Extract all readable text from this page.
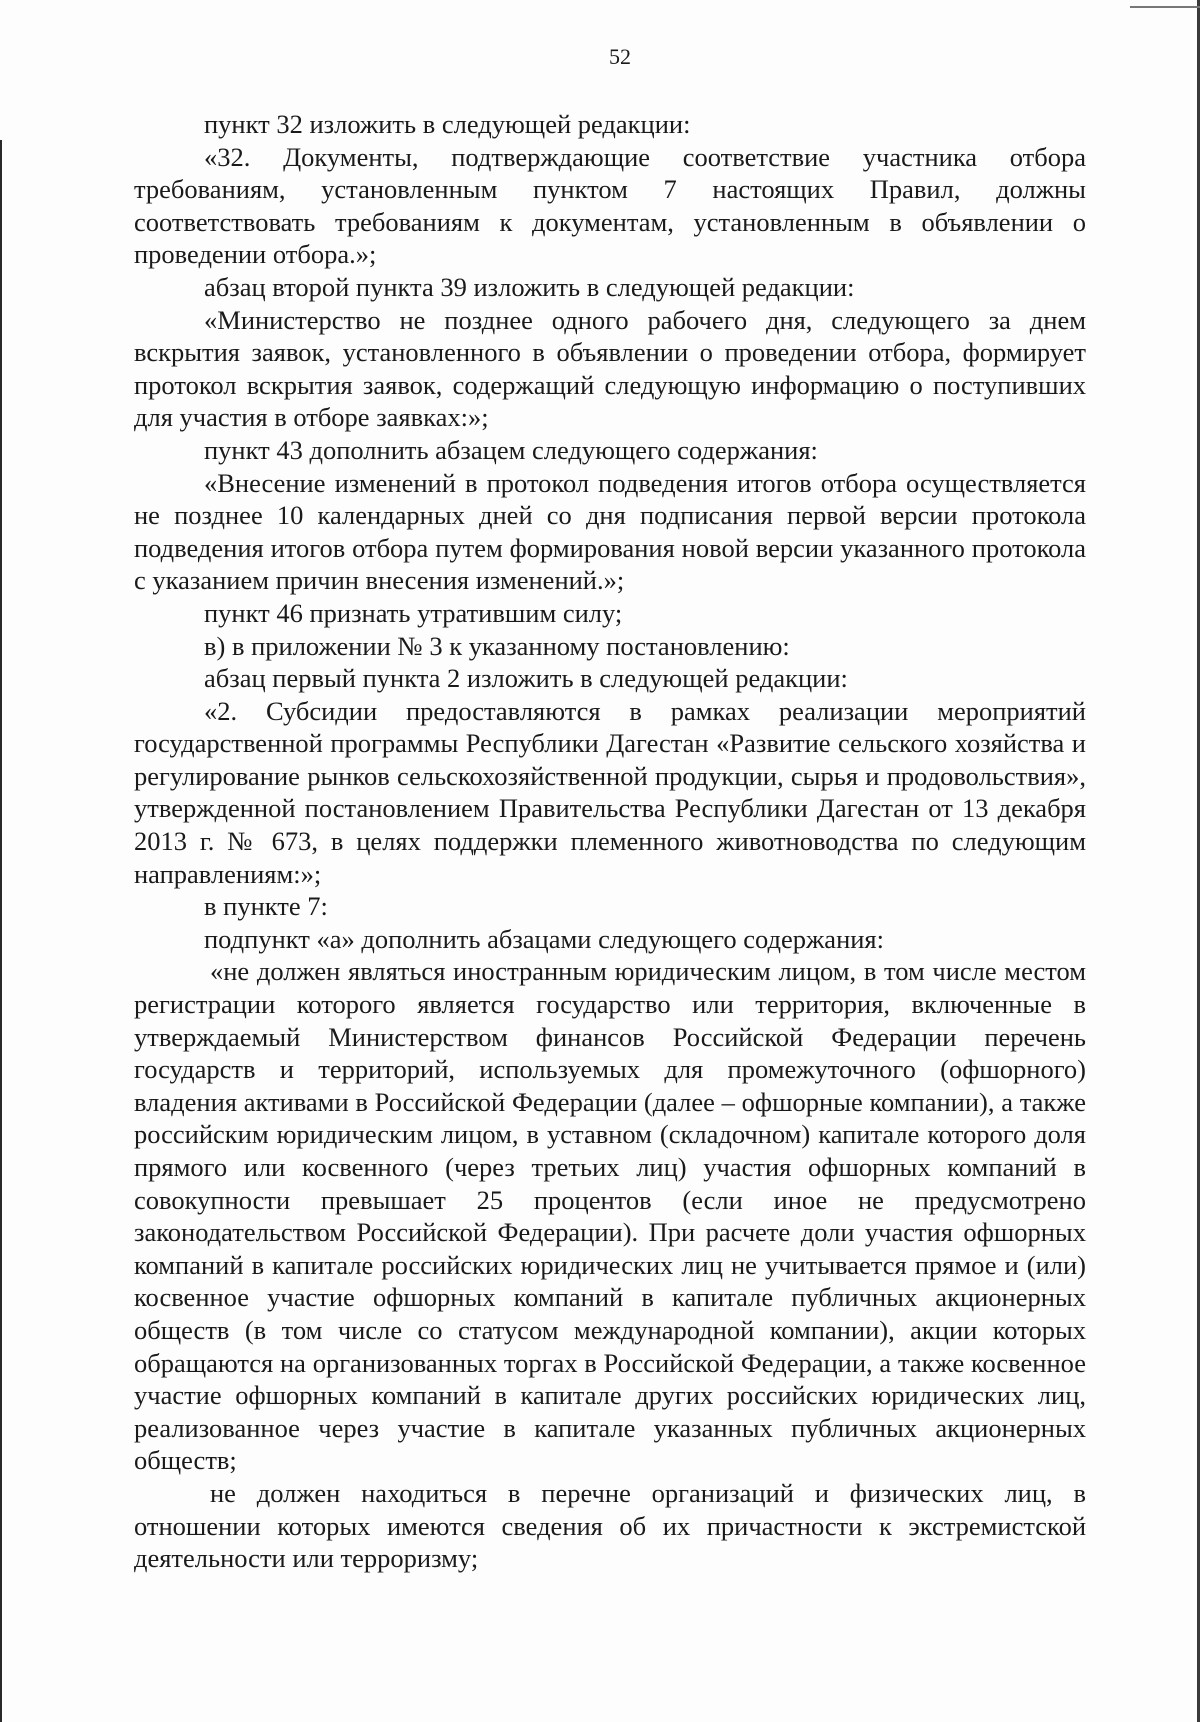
52

пункт 32 изложить в следующей редакции:

«32. Документы, подтверждающие соответствие участника отбора требованиям, установленным пунктом 7 настоящих Правил, должны соответствовать требованиям к документам, установленным в объявлении о проведении отбора.»;

абзац второй пункта 39 изложить в следующей редакции:

«Министерство не позднее одного рабочего дня, следующего за днем вскрытия заявок, установленного в объявлении о проведении отбора, формирует протокол вскрытия заявок, содержащий следующую информацию о поступивших для участия в отборе заявках:»;

пункт 43 дополнить абзацем следующего содержания:

«Внесение изменений в протокол подведения итогов отбора осуществляется не позднее 10 календарных дней со дня подписания первой версии протокола подведения итогов отбора путем формирования новой версии указанного протокола с указанием причин внесения изменений.»;

пункт 46 признать утратившим силу;

в) в приложении № 3 к указанному постановлению:

абзац первый пункта 2 изложить в следующей редакции:

«2. Субсидии предоставляются в рамках реализации мероприятий государственной программы Республики Дагестан «Развитие сельского хозяйства и регулирование рынков сельскохозяйственной продукции, сырья и продовольствия», утвержденной постановлением Правительства Республики Дагестан от 13 декабря 2013 г. № 673, в целях поддержки племенного животноводства по следующим направлениям:»;

в пункте 7:

подпункт «а» дополнить абзацами следующего содержания:

«не должен являться иностранным юридическим лицом, в том числе местом регистрации которого является государство или территория, включенные в утверждаемый Министерством финансов Российской Федерации перечень государств и территорий, используемых для промежуточного (офшорного) владения активами в Российской Федерации (далее – офшорные компании), а также российским юридическим лицом, в уставном (складочном) капитале которого доля прямого или косвенного (через третьих лиц) участия офшорных компаний в совокупности превышает 25 процентов (если иное не предусмотрено законодательством Российской Федерации). При расчете доли участия офшорных компаний в капитале российских юридических лиц не учитывается прямое и (или) косвенное участие офшорных компаний в капитале публичных акционерных обществ (в том числе со статусом международной компании), акции которых обращаются на организованных торгах в Российской Федерации, а также косвенное участие офшорных компаний в капитале других российских юридических лиц, реализованное через участие в капитале указанных публичных акционерных обществ;

не должен находиться в перечне организаций и физических лиц, в отношении которых имеются сведения об их причастности к экстремистской деятельности или терроризму;
